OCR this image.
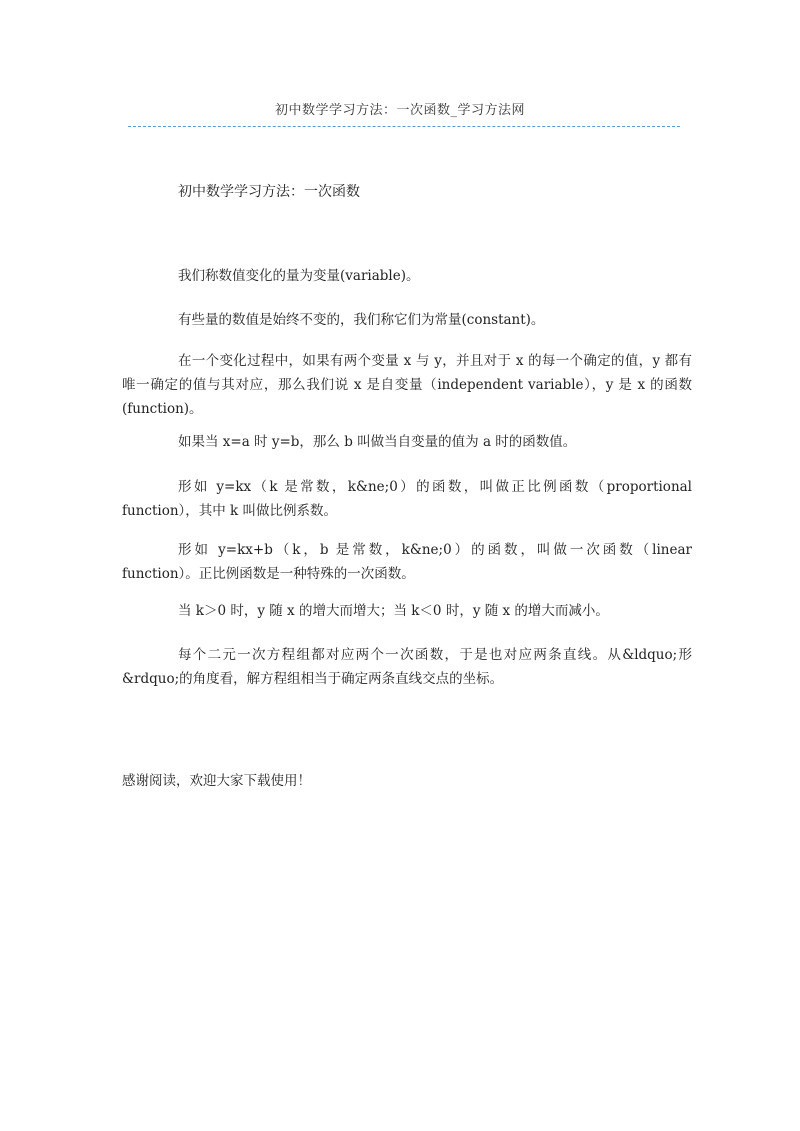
初中数学学习方法：一次函数_学习方法网
初中数学学习方法：一次函数

我们称数值变化的量为变量(variable)。

有些量的数值是始终不变的，我们称它们为常量(constant)。

在一个变化过程中，如果有两个变量 x 与 y，并且对于 x 的每一个确定的值，y 都有唯一确定的值与其对应，那么我们说 x 是自变量（independent variable），y 是 x 的函数(function)。

如果当 x=a 时 y=b，那么 b 叫做当自变量的值为 a 时的函数值。

形如 y=kx（k 是常数，k&ne;0）的函数，叫做正比例函数（proportional function），其中 k 叫做比例系数。

形如 y=kx+b（k，b 是常数，k&ne;0）的函数，叫做一次函数（linear function）。正比例函数是一种特殊的一次函数。

当 k＞0 时，y 随 x 的增大而增大；当 k＜0 时，y 随 x 的增大而减小。

每个二元一次方程组都对应两个一次函数，于是也对应两条直线。从&ldquo;形&rdquo;的角度看，解方程组相当于确定两条直线交点的坐标。

感谢阅读，欢迎大家下载使用！
